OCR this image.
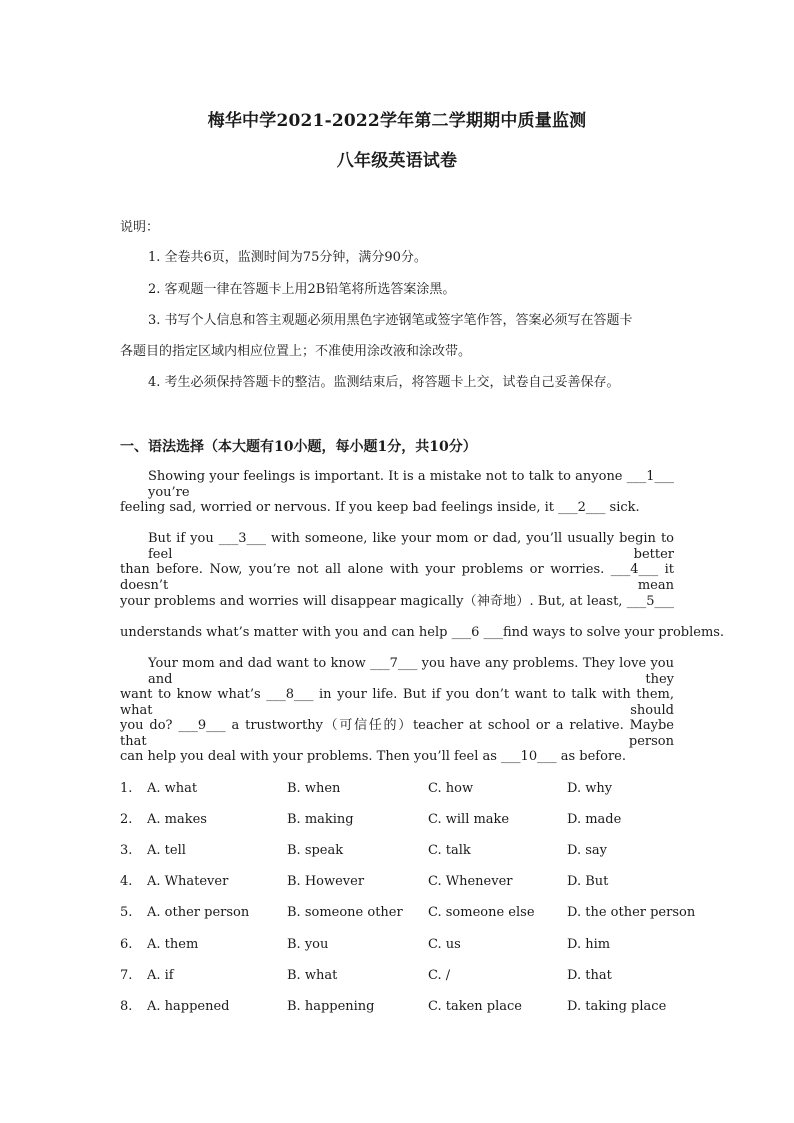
梅华中学2021-2022学年第二学期期中质量监测
八年级英语试卷
说明：
1. 全卷共6页，监测时间为75分钟，满分90分。
2. 客观题一律在答题卡上用2B铅笔将所选答案涂黑。
3. 书写个人信息和答主观题必须用黑色字迹钢笔或签字笔作答，答案必须写在答题卡
各题目的指定区域内相应位置上；不准使用涂改液和涂改带。
4. 考生必须保持答题卡的整洁。监测结束后，将答题卡上交，试卷自己妥善保存。
一、语法选择（本大题有10小题，每小题1分，共10分）
Showing your feelings is important. It is a mistake not to talk to anyone ___1___ you’re
feeling sad, worried or nervous. If you keep bad feelings inside, it ___2___ sick.
But if you ___3___ with someone, like your mom or dad, you’ll usually begin to feel better
than before. Now, you’re not all alone with your problems or worries. ___4___ it doesn’t mean
your problems and worries will disappear magically（神奇地）. But, at least, ___5___
understands what’s matter with you and can help ___6 ___find ways to solve your problems.
Your mom and dad want to know ___7___ you have any problems. They love you and they
want to know what’s ___8___ in your life. But if you don’t want to talk with them, what should
you do? ___9___ a trustworthy（可信任的）teacher at school or a relative. Maybe that person
can help you deal with your problems. Then you’ll feel as ___10___ as before.
1. A. what	B. when	C. how	D. why
2. A. makes	B. making	C. will make	D. made
3. A. tell	B. speak	C. talk	D. say
4. A. Whatever	B. However	C. Whenever	D. But
5. A. other person	B. someone other C. someone else D. the other person
6. A. them	B. you	C. us	D. him
7. A. if	B. what	C. /	D. that
8. A. happened	B. happening	C. taken place	D. taking place
